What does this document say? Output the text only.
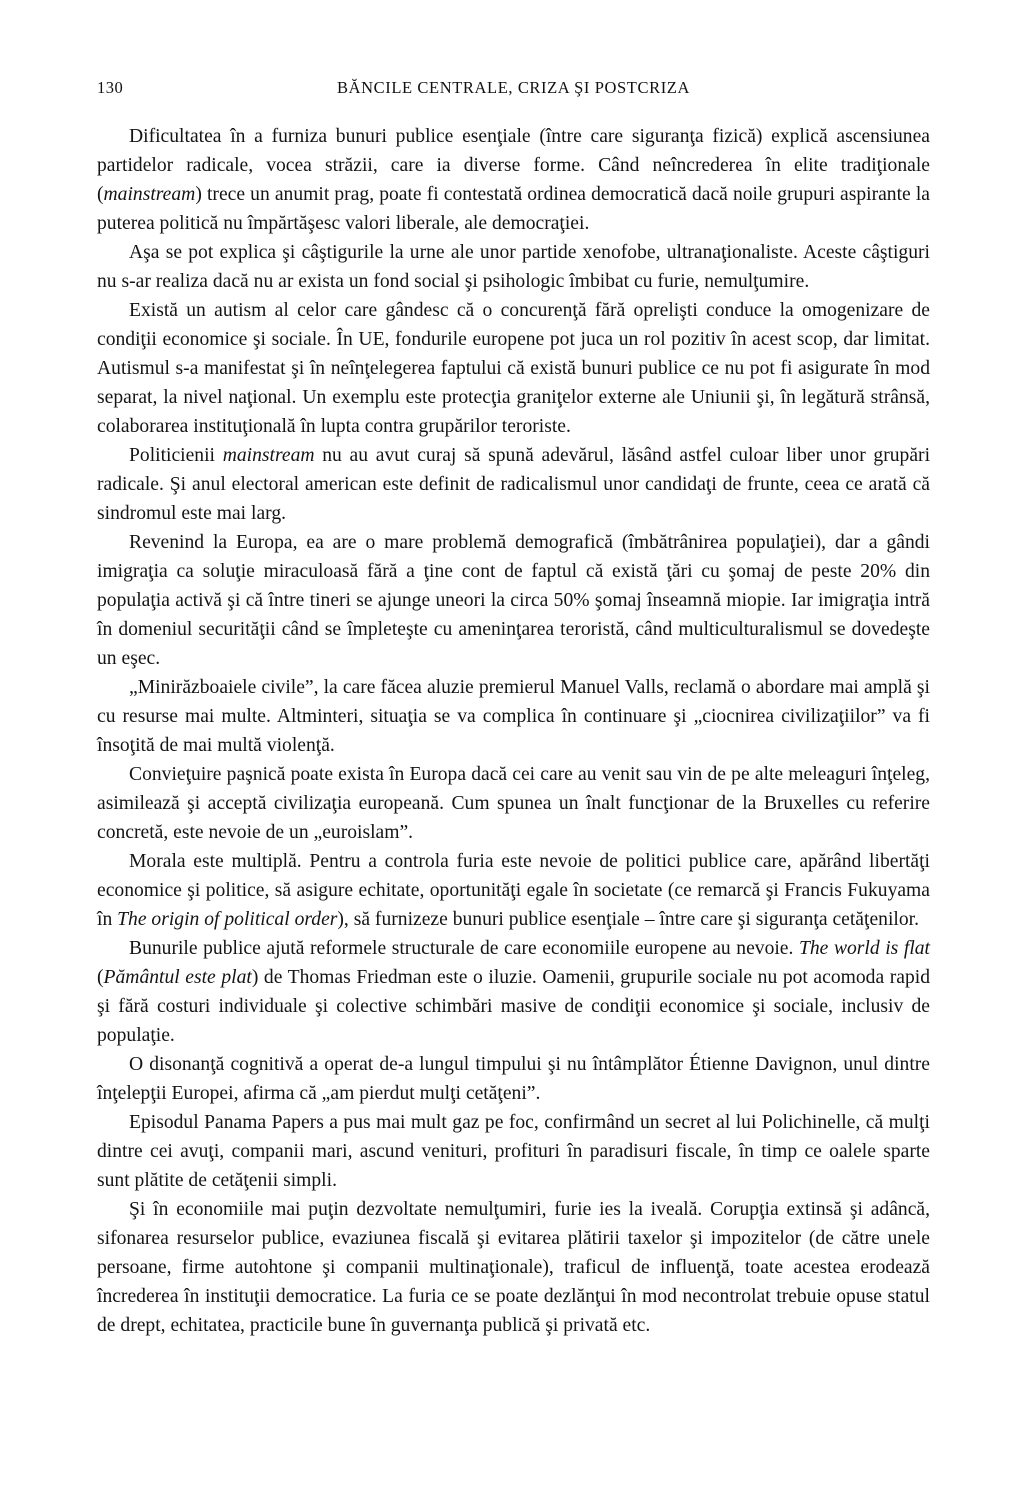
130	BĂNCILE CENTRALE, CRIZA ŞI POSTCRIZA

Dificultatea în a furniza bunuri publice esenţiale (între care siguranţa fizică) explică ascensiunea partidelor radicale, vocea străzii, care ia diverse forme. Când neîncrederea în elite tradiţionale (mainstream) trece un anumit prag, poate fi contestată ordinea democratică dacă noile grupuri aspirante la puterea politică nu împărtăşesc valori liberale, ale democraţiei.

Aşa se pot explica şi câştigurile la urne ale unor partide xenofobe, ultranaţionaliste. Aceste câştiguri nu s-ar realiza dacă nu ar exista un fond social şi psihologic îmbibat cu furie, nemulţumire.

Există un autism al celor care gândesc că o concurenţă fără oprelişti conduce la omogenizare de condiţii economice şi sociale. În UE, fondurile europene pot juca un rol pozitiv în acest scop, dar limitat. Autismul s-a manifestat şi în neînţelegerea faptului că există bunuri publice ce nu pot fi asigurate în mod separat, la nivel naţional. Un exemplu este protecţia graniţelor externe ale Uniunii şi, în legătură strânsă, colaborarea instituţională în lupta contra grupărilor teroriste.

Politicienii mainstream nu au avut curaj să spună adevărul, lăsând astfel culoar liber unor grupări radicale. Şi anul electoral american este definit de radicalismul unor candidaţi de frunte, ceea ce arată că sindromul este mai larg.

Revenind la Europa, ea are o mare problemă demografică (îmbătrânirea populaţiei), dar a gândi imigraţia ca soluţie miraculoasă fără a ţine cont de faptul că există ţări cu şomaj de peste 20% din populaţia activă şi că între tineri se ajunge uneori la circa 50% şomaj înseamnă miopie. Iar imigraţia intră în domeniul securităţii când se împleteşte cu ameninţarea teroristă, când multiculturalismul se dovedeşte un eşec.

„Minirăzboaiele civile”, la care făcea aluzie premierul Manuel Valls, reclamă o abordare mai amplă şi cu resurse mai multe. Altminteri, situaţia se va complica în continuare şi „ciocnirea civilizaţiilor” va fi însoţită de mai multă violenţă.

Convieţuire paşnică poate exista în Europa dacă cei care au venit sau vin de pe alte meleaguri înţeleg, asimilează şi acceptă civilizaţia europeană. Cum spunea un înalt funcţionar de la Bruxelles cu referire concretă, este nevoie de un „euroislam”.

Morala este multiplă. Pentru a controla furia este nevoie de politici publice care, apărând libertăţi economice şi politice, să asigure echitate, oportunităţi egale în societate (ce remarcă şi Francis Fukuyama în The origin of political order), să furnizeze bunuri publice esenţiale – între care şi siguranţa cetăţenilor.

Bunurile publice ajută reformele structurale de care economiile europene au nevoie. The world is flat (Pământul este plat) de Thomas Friedman este o iluzie. Oamenii, grupurile sociale nu pot acomoda rapid şi fără costuri individuale şi colective schimbări masive de condiţii economice şi sociale, inclusiv de populaţie.

O disonanţă cognitivă a operat de-a lungul timpului şi nu întâmplător Étienne Davignon, unul dintre înţelepţii Europei, afirma că „am pierdut mulţi cetăţeni”.

Episodul Panama Papers a pus mai mult gaz pe foc, confirmând un secret al lui Polichinelle, că mulţi dintre cei avuţi, companii mari, ascund venituri, profituri în paradisuri fiscale, în timp ce oalele sparte sunt plătite de cetăţenii simpli.

Şi în economiile mai puţin dezvoltate nemulţumiri, furie ies la iveală. Corupţia extinsă şi adâncă, sifonarea resurselor publice, evaziunea fiscală şi evitarea plătirii taxelor şi impozitelor (de către unele persoane, firme autohtone şi companii multinaţionale), traficul de influenţă, toate acestea erodează încrederea în instituţii democratice. La furia ce se poate dezlănţui în mod necontrolat trebuie opuse statul de drept, echitatea, practicile bune în guvernanţa publică şi privată etc.
